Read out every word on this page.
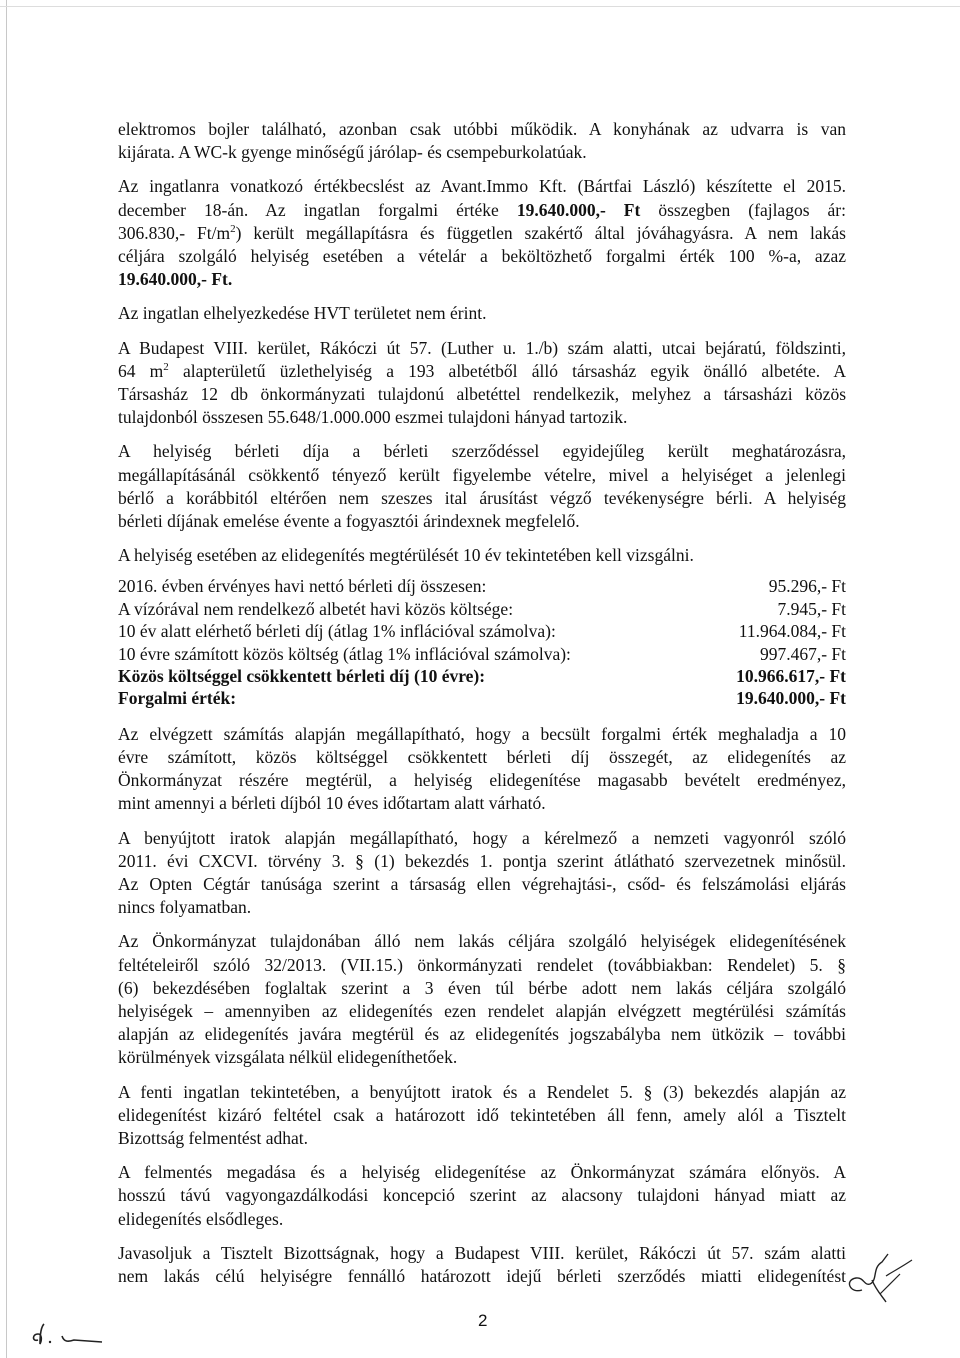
elektromos bojler található, azonban csak utóbbi működik. A konyhának az udvarra is van
kijárata. A WC-k gyenge minőségű járólap- és csempeburkolatúak.

Az ingatlanra vonatkozó értékbecslést az Avant.Immo Kft. (Bártfai László) készítette el 2015.
december 18-án. Az ingatlan forgalmi értéke 19.640.000,- Ft összegben (fajlagos ár:
306.830,- $Ft/m^2$) került megállapításra és független szakértő által jóváhagyásra. A nem lakás
céljára szolgáló helyiség esetében a vételár a beköltözhető forgalmi érték 100 %-a, azaz
19.640.000,- Ft.

Az ingatlan elhelyezkedése HVT területet nem érint.

A Budapest VIII. kerület, Rákóczi út 57. (Luther u. 1./b) szám alatti, utcai bejáratú, földszinti,
64 $m^2$ alapterületű üzlethelyiség a 193 albetétből álló társasház egyik önálló albetéte. A
Társasház 12 db önkormányzati tulajdonú albetéttel rendelkezik, melyhez a társasházi közös
tulajdonból összesen 55.648/1.000.000 eszmei tulajdoni hányad tartozik.

A helyiség bérleti díja a bérleti szerződéssel egyidejűleg került meghatározásra,
megállapításánál csökkentő tényező került figyelembe vételre, mivel a helyiséget a jelenlegi
bérlő a korábbitól eltérően nem szeszes ital árusítást végző tevékenységre bérli. A helyiség
bérleti díjának emelése évente a fogyasztói árindexnek megfelelő.

A helyiség esetében az elidegenítés megtérülését 10 év tekintetében kell vizsgálni.

2016. évben érvényes havi nettó bérleti díj összesen:	95.296,- Ft
A vízórával nem rendelkező albetét havi közös költsége:	7.945,- Ft
10 év alatt elérhető bérleti díj (átlag 1% inflációval számolva):	11.964.084,- Ft
10 évre számított közös költség (átlag 1% inflációval számolva):	997.467,- Ft
Közös költséggel csökkentett bérleti díj (10 évre):	10.966.617,- Ft
Forgalmi érték:	19.640.000,- Ft

Az elvégzett számítás alapján megállapítható, hogy a becsült forgalmi érték meghaladja a 10
évre számított, közös költséggel csökkentett bérleti díj összegét, az elidegenítés az
Önkormányzat részére megtérül, a helyiség elidegenítése magasabb bevételt eredményez,
mint amennyi a bérleti díjból 10 éves időtartam alatt várható.

A benyújtott iratok alapján megállapítható, hogy a kérelmező a nemzeti vagyonról szóló
2011. évi CXCVI. törvény 3. § (1) bekezdés 1. pontja szerint átlátható szervezetnek minősül.
Az Opten Cégtár tanúsága szerint a társaság ellen végrehajtási-, csőd- és felszámolási eljárás
nincs folyamatban.

Az Önkormányzat tulajdonában álló nem lakás céljára szolgáló helyiségek elidegenítésének
feltételeiről szóló 32/2013. (VII.15.) önkormányzati rendelet (továbbiakban: Rendelet) 5. §
(6) bekezdésében foglaltak szerint a 3 éven túl bérbe adott nem lakás céljára szolgáló
helyiségek – amennyiben az elidegenítés ezen rendelet alapján elvégzett megtérülési számítás
alapján az elidegenítés javára megtérül és az elidegenítés jogszabályba nem ütközik – további
körülmények vizsgálata nélkül elidegeníthetőek.

A fenti ingatlan tekintetében, a benyújtott iratok és a Rendelet 5. § (3) bekezdés alapján az
elidegenítést kizáró feltétel csak a határozott idő tekintetében áll fenn, amely alól a Tisztelt
Bizottság felmentést adhat.

A felmentés megadása és a helyiség elidegenítése az Önkormányzat számára előnyös. A
hosszú távú vagyongazdálkodási koncepció szerint az alacsony tulajdoni hányad miatt az
elidegenítés elsődleges.

Javasoljuk a Tisztelt Bizottságnak, hogy a Budapest VIII. kerület, Rákóczi út 57. szám alatti
nem lakás célú helyiségre fennálló határozott idejű bérleti szerződés miatti elidegenítést

2
